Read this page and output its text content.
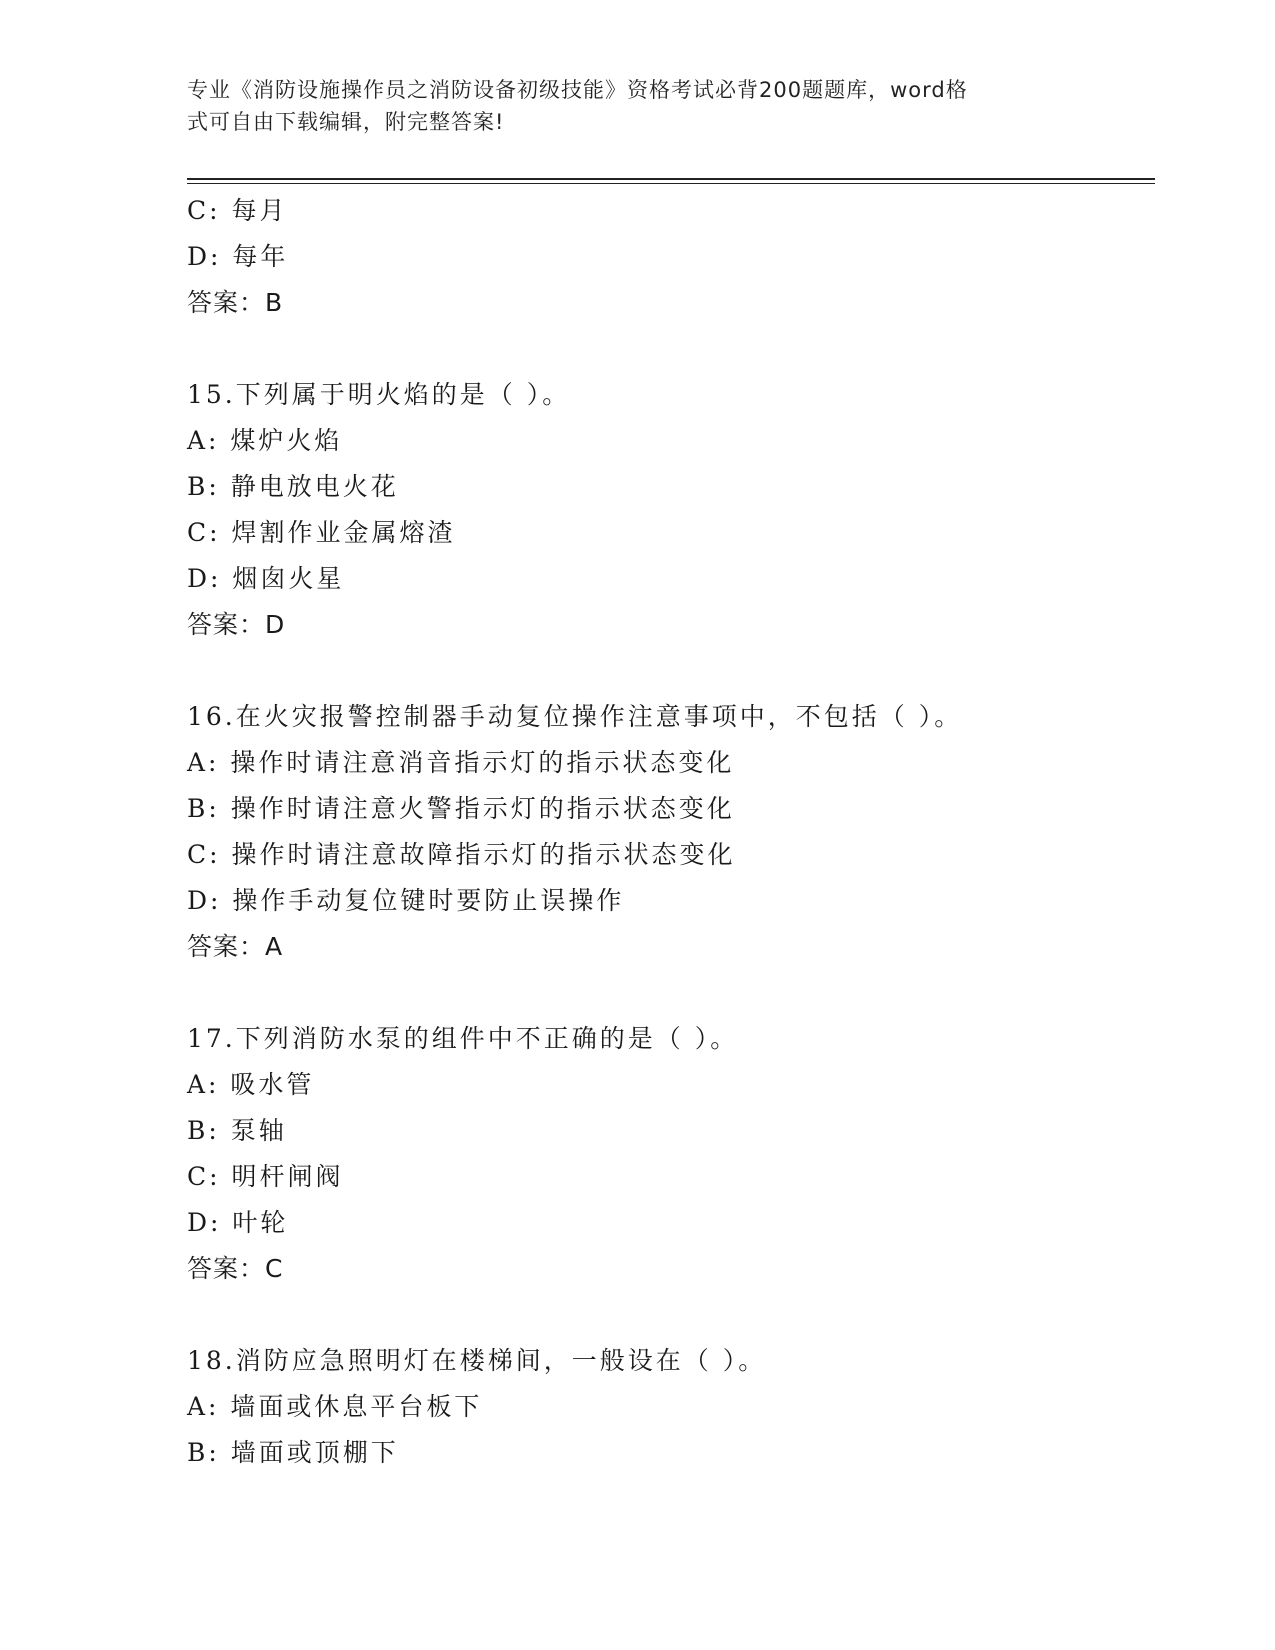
专业《消防设施操作员之消防设备初级技能》资格考试必背200题题库，word格
式可自由下载编辑，附完整答案!
C: 每月
D: 每年
答案：B
15.下列属于明火焰的是（ ）。
A: 煤炉火焰
B: 静电放电火花
C: 焊割作业金属熔渣
D: 烟囱火星
答案：D
16.在火灾报警控制器手动复位操作注意事项中，不包括（ ）。
A: 操作时请注意消音指示灯的指示状态变化
B: 操作时请注意火警指示灯的指示状态变化
C: 操作时请注意故障指示灯的指示状态变化
D: 操作手动复位键时要防止误操作
答案：A
17.下列消防水泵的组件中不正确的是（ ）。
A: 吸水管
B: 泵轴
C: 明杆闸阀
D: 叶轮
答案：C
18.消防应急照明灯在楼梯间，一般设在（ ）。
A: 墙面或休息平台板下
B: 墙面或顶棚下
